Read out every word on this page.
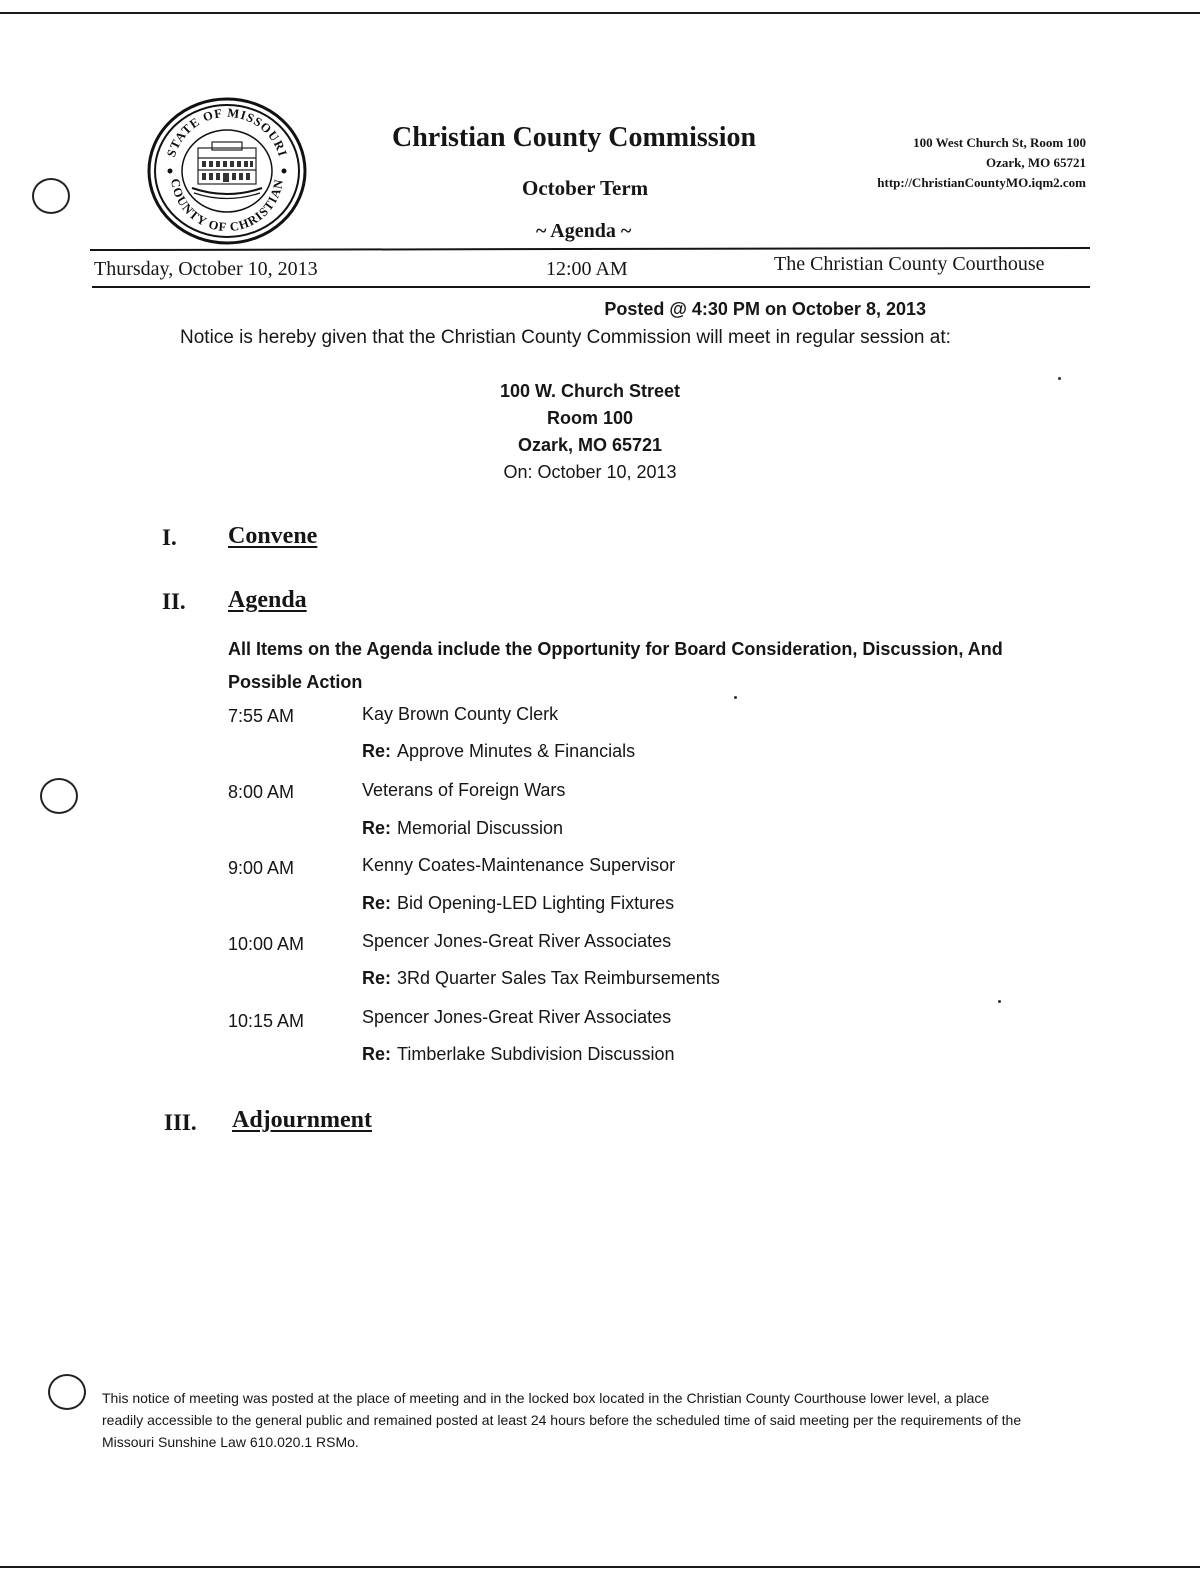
STATE OF MISSOURI
COUNTY OF CHRISTIAN
Christian County Commission
October Term
~ Agenda ~
100 West Church St, Room 100
Ozark, MO 65721
http://ChristianCountyMO.iqm2.com
Thursday, October 10, 2013	12:00 AM	The Christian County Courthouse
Posted @ 4:30 PM on October 8, 2013
Notice is hereby given that the Christian County Commission will meet in regular session at:
100 W. Church Street
Room 100
Ozark, MO 65721
On: October 10, 2013
I. Convene
II. Agenda
All Items on the Agenda include the Opportunity for Board Consideration, Discussion, And Possible Action
7:55 AM	Kay Brown County Clerk
Re: Approve Minutes & Financials
8:00 AM	Veterans of Foreign Wars
Re: Memorial Discussion
9:00 AM	Kenny Coates-Maintenance Supervisor
Re: Bid Opening-LED Lighting Fixtures
10:00 AM	Spencer Jones-Great River Associates
Re: 3Rd Quarter Sales Tax Reimbursements
10:15 AM	Spencer Jones-Great River Associates
Re: Timberlake Subdivision Discussion
III. Adjournment
This notice of meeting was posted at the place of meeting and in the locked box located in the Christian County Courthouse lower level, a place readily accessible to the general public and remained posted at least 24 hours before the scheduled time of said meeting per the requirements of the Missouri Sunshine Law 610.020.1 RSMo.
